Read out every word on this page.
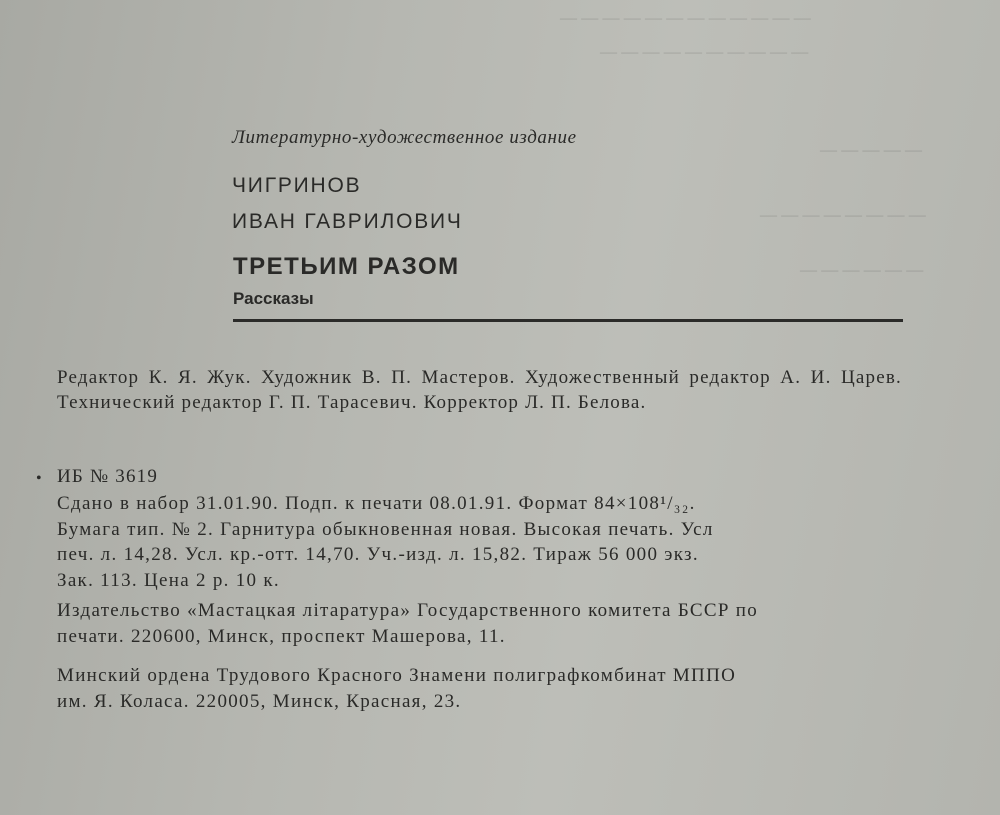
— — — — — — — — — — — —
— — — — — — — — — —
— — — — —
— — — — — — — —
— — — — — —
Литературно-художественное издание
ЧИГРИНОВ
ИВАН ГАВРИЛОВИЧ
ТРЕТЬИМ РАЗОМ
Рассказы
Редактор К. Я. Жук. Художник В. П. Мастеров. Художественный редактор А. И. Царев. Технический редактор Г. П. Тарасевич. Корректор Л. П. Белова.
• ИБ № 3619
Сдано в набор 31.01.90. Подп. к печати 08.01.91. Формат 84×108¹/₃₂.
Бумага тип. № 2. Гарнитура обыкновенная новая. Высокая печать. Усл
печ. л. 14,28. Усл. кр.-отт. 14,70. Уч.-изд. л. 15,82. Тираж 56 000 экз.
Зак. 113. Цена 2 р. 10 к.
Издательство «Мастацкая літаратура» Государственного комитета БССР по
печати. 220600, Минск, проспект Машерова, 11.
Минский ордена Трудового Красного Знамени полиграфкомбинат МППО
им. Я. Коласа. 220005, Минск, Красная, 23.
